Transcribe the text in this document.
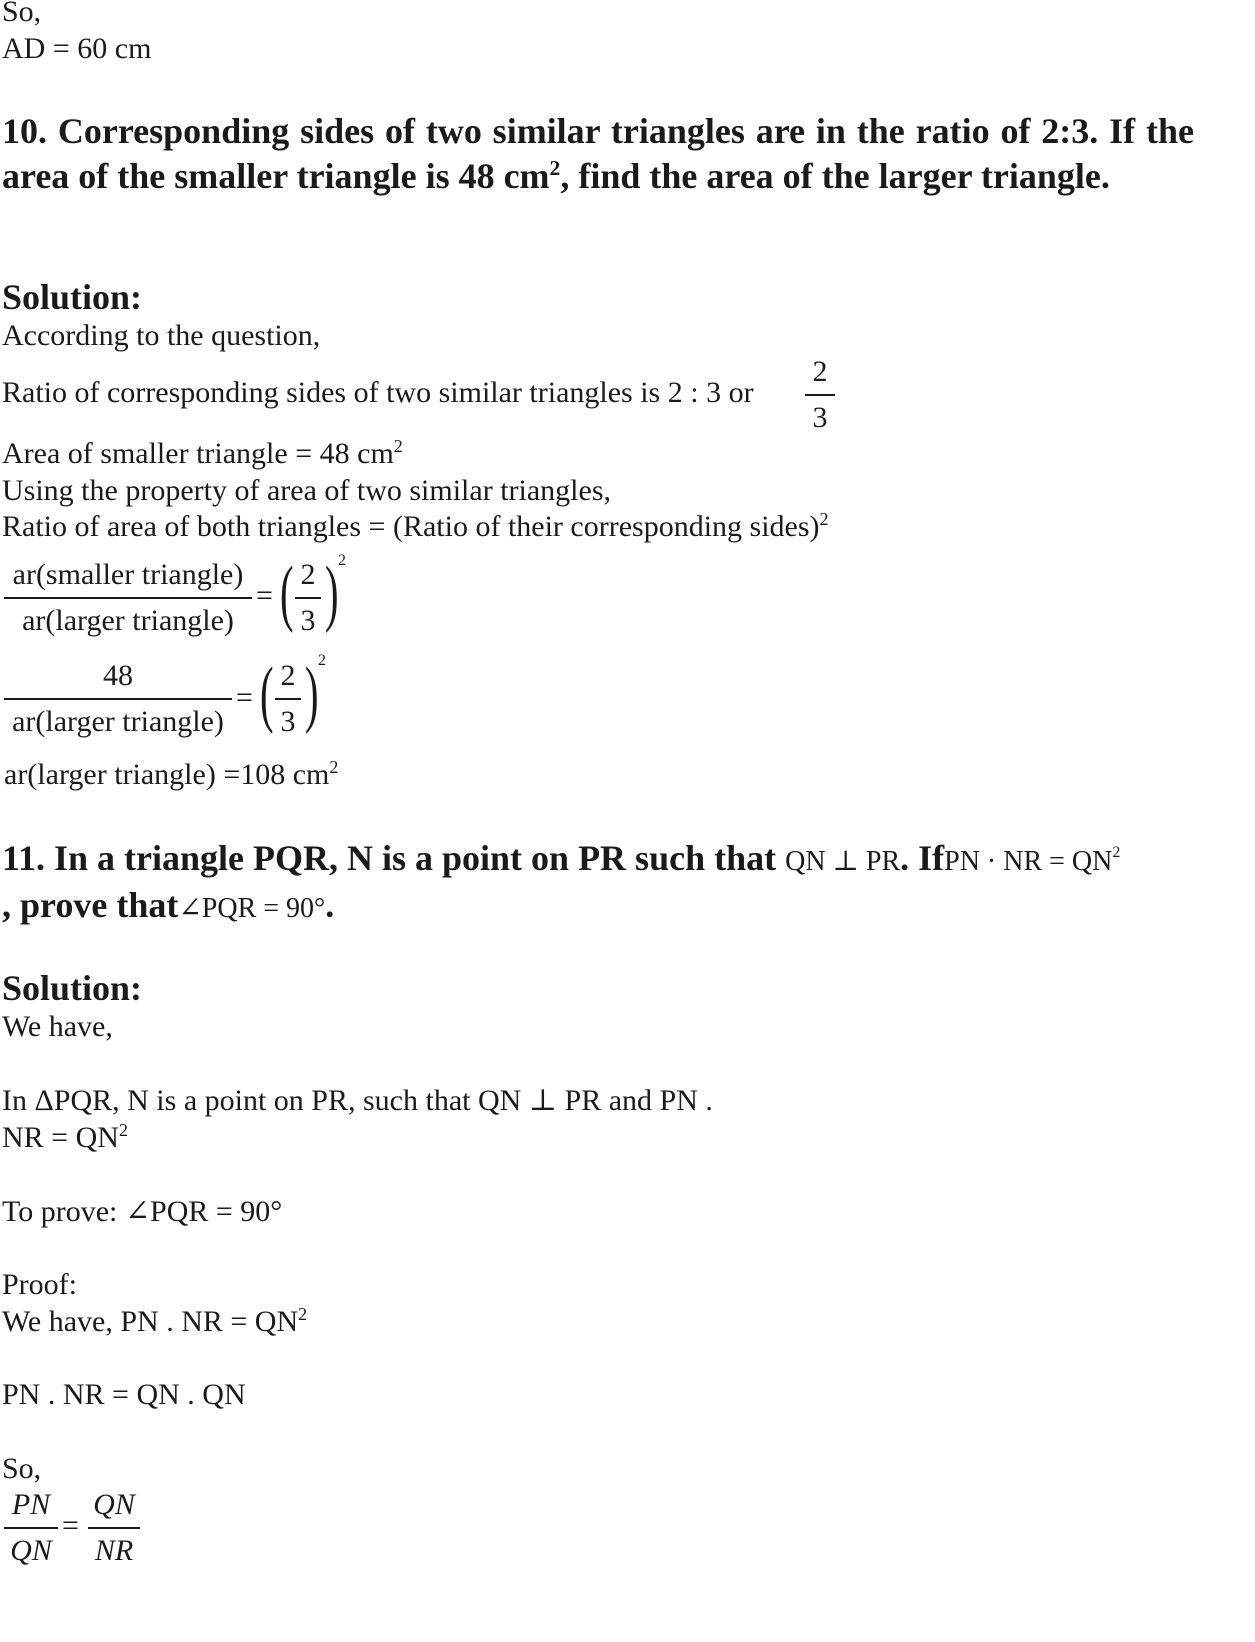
So,
AD = 60 cm
10. Corresponding sides of two similar triangles are in the ratio of 2:3. If the area of the smaller triangle is 48 $cm^2$, find the area of the larger triangle.
Solution:
According to the question,
Ratio of corresponding sides of two similar triangles is 2 : 3 or
2
3
Area of smaller triangle = 48 $cm^2$
Using the property of area of two similar triangles,
Ratio of area of both triangles = (Ratio of their corresponding sides)$^2$
ar(smaller triangle)
ar(larger triangle)
= ( 2
3 ) 2
48
ar(larger triangle)
= ( 2
3 ) 2
ar(larger triangle) =108 $cm^2$
11. In a triangle PQR, N is a point on PR such that QN ⊥ PR. IfPN · NR = $QN^2$
, prove that∠PQR = 90°.
Solution:
We have,
In ΔPQR, N is a point on PR, such that QN ⊥ PR and PN .
NR = $QN^2$
To prove: ∠PQR = 90°
Proof:
We have, PN . NR = $QN^2$
PN . NR = QN . QN
So,
PN
QN
=
QN
NR
